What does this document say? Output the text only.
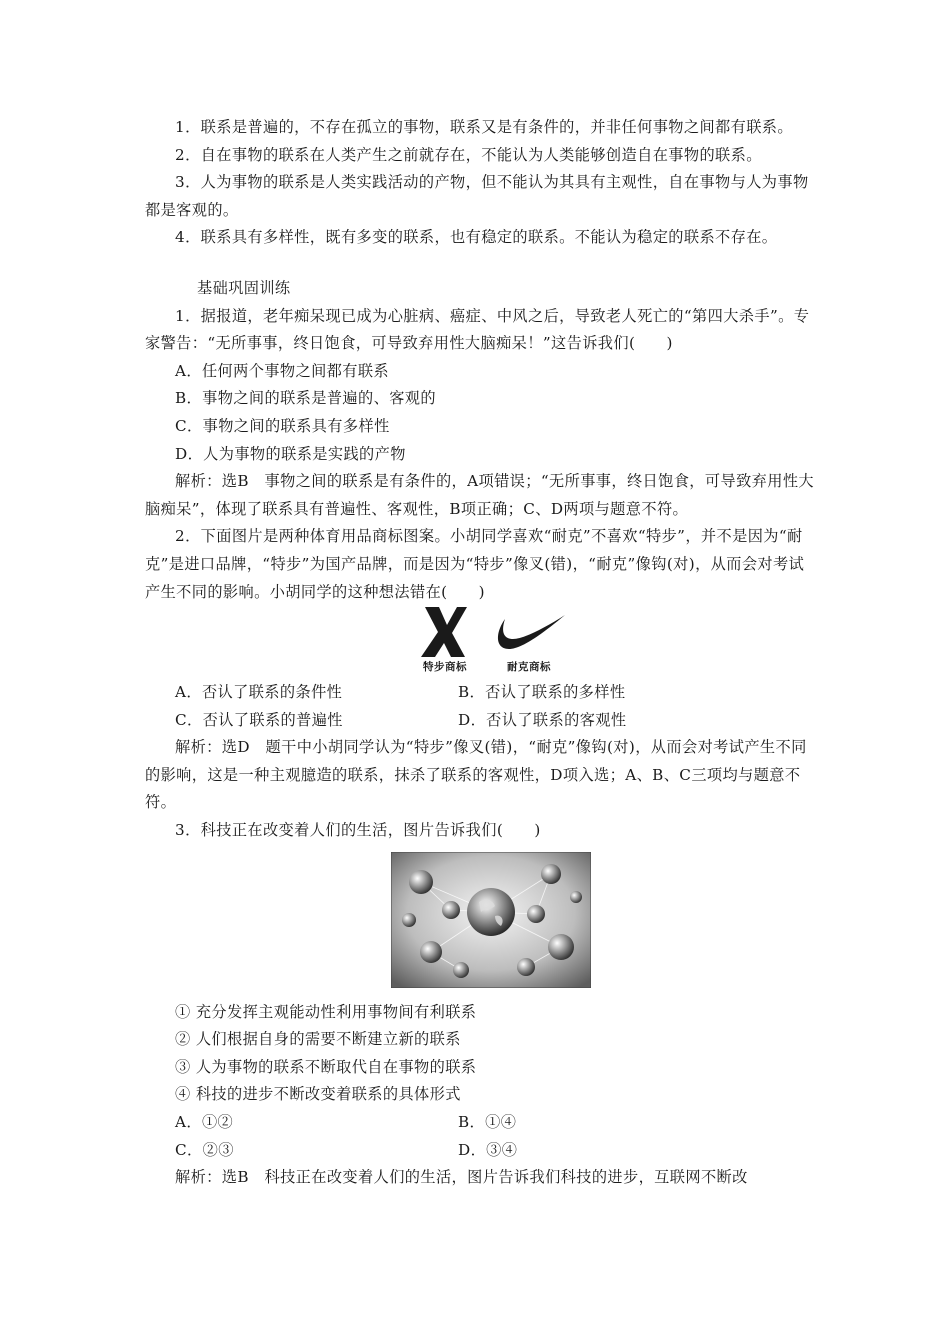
1．联系是普遍的，不存在孤立的事物，联系又是有条件的，并非任何事物之间都有联系。

2．自在事物的联系在人类产生之前就存在，不能认为人类能够创造自在事物的联系。

3．人为事物的联系是人类实践活动的产物，但不能认为其具有主观性，自在事物与人为事物都是客观的。

4．联系具有多样性，既有多变的联系，也有稳定的联系。不能认为稳定的联系不存在。

基础巩固训练

1．据报道，老年痴呆现已成为心脏病、癌症、中风之后，导致老人死亡的“第四大杀手”。专家警告：“无所事事，终日饱食，可导致弃用性大脑痴呆！”这告诉我们(　　)

A．任何两个事物之间都有联系

B．事物之间的联系是普遍的、客观的

C．事物之间的联系具有多样性

D．人为事物的联系是实践的产物

解析：选B　事物之间的联系是有条件的，A项错误；“无所事事，终日饱食，可导致弃用性大脑痴呆”，体现了联系具有普遍性、客观性，B项正确；C、D两项与题意不符。

2．下面图片是两种体育用品商标图案。小胡同学喜欢“耐克”不喜欢“特步”，并不是因为“耐克”是进口品牌，“特步”为国产品牌，而是因为“特步”像叉(错)，“耐克”像钩(对)，从而会对考试产生不同的影响。小胡同学的这种想法错在(　　)

特步商标	耐克商标
A．否认了联系的条件性	B．否认了联系的多样性
C．否认了联系的普遍性	D．否认了联系的客观性

解析：选D　题干中小胡同学认为“特步”像叉(错)，“耐克”像钩(对)，从而会对考试产生不同的影响，这是一种主观臆造的联系，抹杀了联系的客观性，D项入选；A、B、C三项均与题意不符。

3．科技正在改变着人们的生活，图片告诉我们(　　)

① 充分发挥主观能动性利用事物间有利联系

② 人们根据自身的需要不断建立新的联系

③ 人为事物的联系不断取代自在事物的联系

④ 科技的进步不断改变着联系的具体形式

A．①②	B．①④
C．②③	D．③④

解析：选B　科技正在改变着人们的生活，图片告诉我们科技的进步，互联网不断改
